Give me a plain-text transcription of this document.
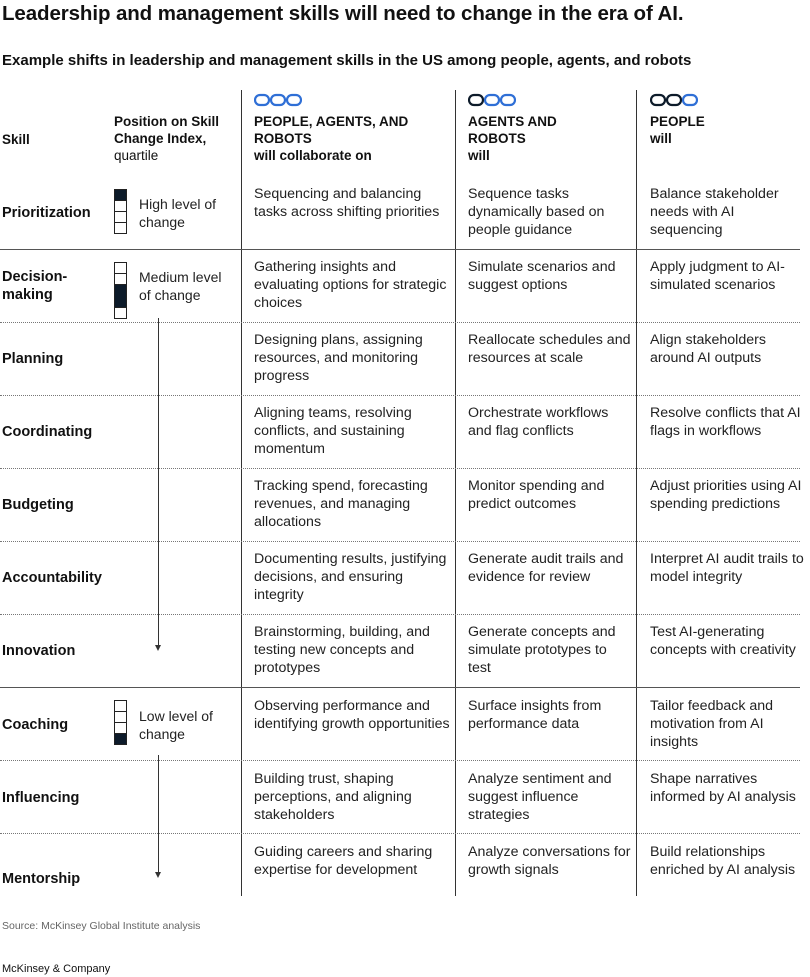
Leadership and management skills will need to change in the era of AI.
Example shifts in leadership and management skills in the US among people, agents, and robots
Skill
Position on Skill Change Index, quartile
PEOPLE, AGENTS, AND ROBOTS
will collaborate on
AGENTS AND ROBOTS
will
PEOPLE
will
High level of change
Medium level of change
Low level of change
Prioritization
Decision-
making
Planning
Coordinating
Budgeting
Accountability
Innovation
Coaching
Influencing
Mentorship
Sequencing and balancing tasks across shifting priorities
Sequence tasks dynamically based on people guidance
Balance stakeholder needs with AI sequencing
Gathering insights and evaluating options for strategic choices
Simulate scenarios and suggest options
Apply judgment to AI-simulated scenarios
Designing plans, assigning resources, and monitoring progress
Reallocate schedules and resources at scale
Align stakeholders around AI outputs
Aligning teams, resolving conflicts, and sustaining momentum
Orchestrate workflows and flag conflicts
Resolve conflicts that AI flags in workflows
Tracking spend, forecasting revenues, and managing allocations
Monitor spending and predict outcomes
Adjust priorities using AI spending predictions
Documenting results, justifying decisions, and ensuring integrity
Generate audit trails and evidence for review
Interpret AI audit trails to model integrity
Brainstorming, building, and testing new concepts and prototypes
Generate concepts and simulate prototypes to test
Test AI-generating concepts with creativity
Observing performance and identifying growth opportunities
Surface insights from performance data
Tailor feedback and motivation from AI insights
Building trust, shaping perceptions, and aligning stakeholders
Analyze sentiment and suggest influence strategies
Shape narratives informed by AI analysis
Guiding careers and sharing expertise for development
Analyze conversations for growth signals
Build relationships enriched by AI analysis
Source: McKinsey Global Institute analysis
McKinsey & Company
